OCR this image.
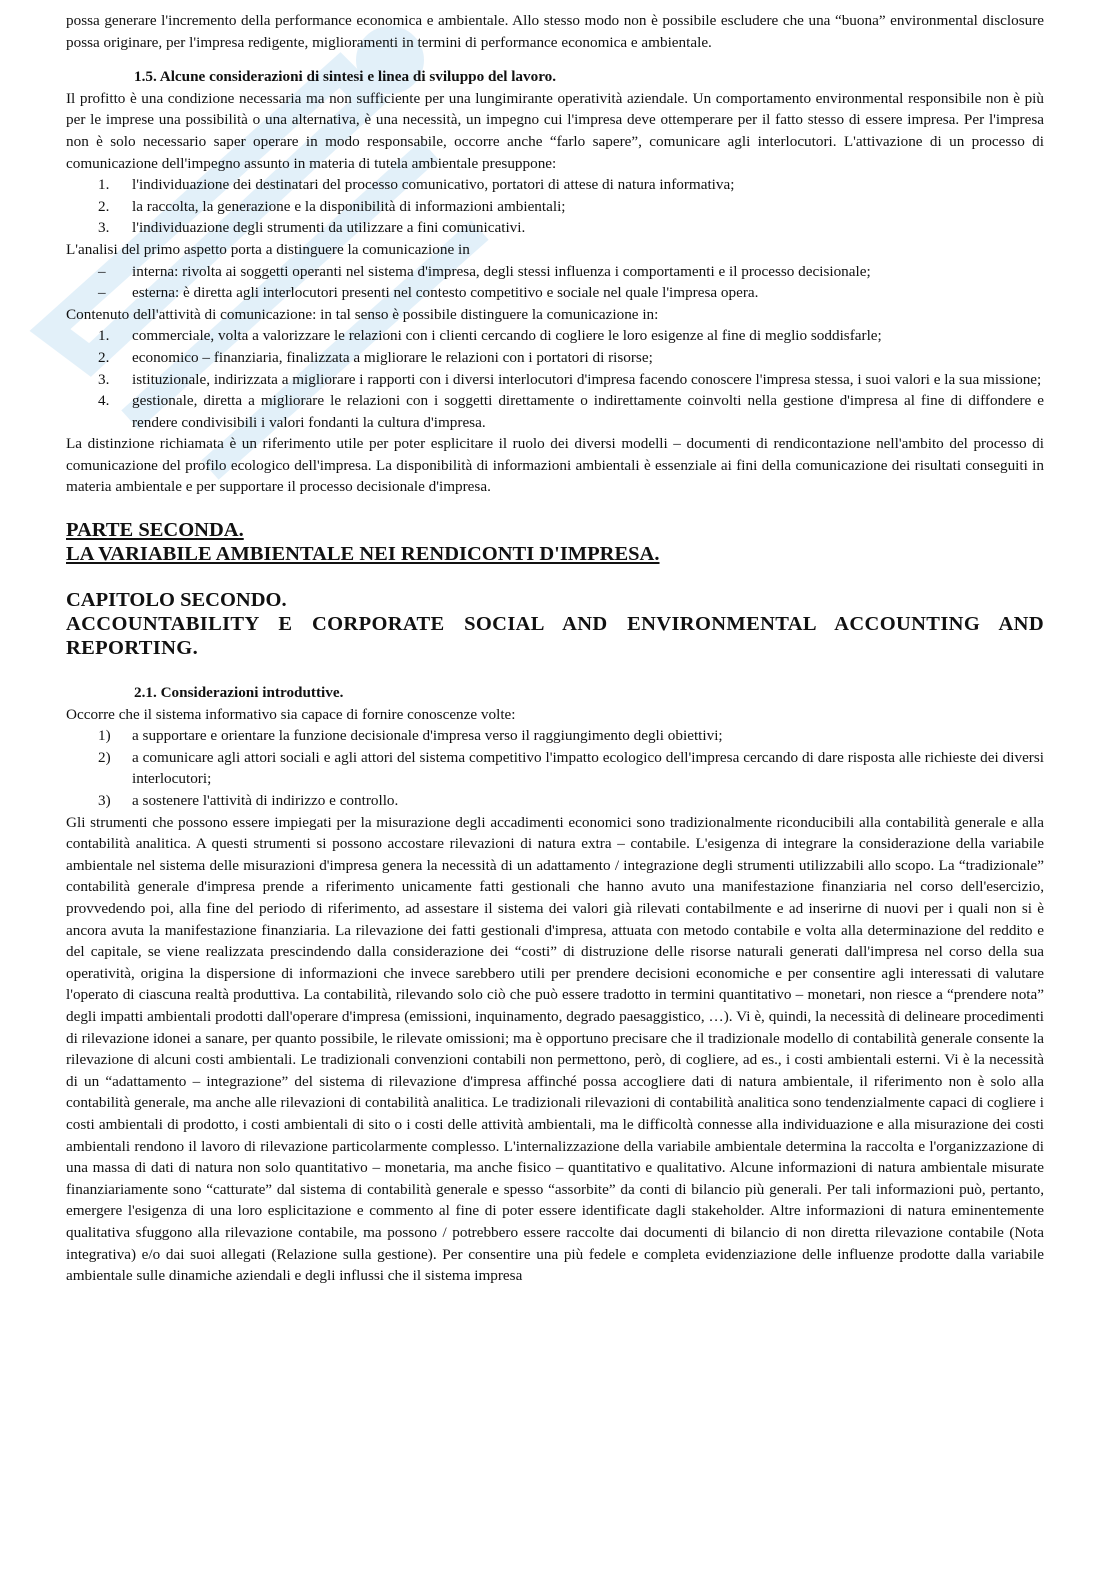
possa generare l'incremento della performance economica e ambientale. Allo stesso modo non è possibile escludere che una “buona” environmental disclosure possa originare, per l'impresa redigente, miglioramenti in termini di performance economica e ambientale.

1.5. Alcune considerazioni di sintesi e linea di sviluppo del lavoro.

Il profitto è una condizione necessaria ma non sufficiente per una lungimirante operatività aziendale. Un comportamento environmental responsibile non è più per le imprese una possibilità o una alternativa, è una necessità, un impegno cui l'impresa deve ottemperare per il fatto stesso di essere impresa. Per l'impresa non è solo necessario saper operare in modo responsabile, occorre anche “farlo sapere”, comunicare agli interlocutori. L'attivazione di un processo di comunicazione dell'impegno assunto in materia di tutela ambientale presuppone:

1.	l'individuazione dei destinatari del processo comunicativo, portatori di attese di natura informativa;
2.	la raccolta, la generazione e la disponibilità di informazioni ambientali;
3.	l'individuazione degli strumenti da utilizzare a fini comunicativi.

L'analisi del primo aspetto porta a distinguere la comunicazione in

–	interna: rivolta ai soggetti operanti nel sistema d'impresa, degli stessi influenza i comportamenti e il processo decisionale;
–	esterna: è diretta agli interlocutori presenti nel contesto competitivo e sociale nel quale l'impresa opera.

Contenuto dell'attività di comunicazione: in tal senso è possibile distinguere la comunicazione in:

1.	commerciale, volta a valorizzare le relazioni con i clienti cercando di cogliere le loro esigenze al fine di meglio soddisfarle;
2.	economico – finanziaria, finalizzata a migliorare le relazioni con i portatori di risorse;
3.	istituzionale, indirizzata a migliorare i rapporti con i diversi interlocutori d'impresa facendo conoscere l'impresa stessa, i suoi valori e la sua missione;
4.	gestionale, diretta a migliorare le relazioni con i soggetti direttamente o indirettamente coinvolti nella gestione d'impresa al fine di diffondere e rendere condivisibili i valori fondanti la cultura d'impresa.

La distinzione richiamata è un riferimento utile per poter esplicitare il ruolo dei diversi modelli – documenti di rendicontazione nell'ambito del processo di comunicazione del profilo ecologico dell'impresa. La disponibilità di informazioni ambientali è essenziale ai fini della comunicazione dei risultati conseguiti in materia ambientale e per supportare il processo decisionale d'impresa.

PARTE SECONDA.
LA VARIABILE AMBIENTALE NEI RENDICONTI D'IMPRESA.
CAPITOLO SECONDO.
ACCOUNTABILITY E CORPORATE SOCIAL AND ENVIRONMENTAL ACCOUNTING AND REPORTING.
2.1. Considerazioni introduttive.

Occorre che il sistema informativo sia capace di fornire conoscenze volte:

1)	a supportare e orientare la funzione decisionale d'impresa verso il raggiungimento degli obiettivi;
2)	a comunicare agli attori sociali e agli attori del sistema competitivo l'impatto ecologico dell'impresa cercando di dare risposta alle richieste dei diversi interlocutori;
3)	a sostenere l'attività di indirizzo e controllo.

Gli strumenti che possono essere impiegati per la misurazione degli accadimenti economici sono tradizionalmente riconducibili alla contabilità generale e alla contabilità analitica. A questi strumenti si possono accostare rilevazioni di natura extra – contabile. L'esigenza di integrare la considerazione della variabile ambientale nel sistema delle misurazioni d'impresa genera la necessità di un adattamento / integrazione degli strumenti utilizzabili allo scopo. La “tradizionale” contabilità generale d'impresa prende a riferimento unicamente fatti gestionali che hanno avuto una manifestazione finanziaria nel corso dell'esercizio, provvedendo poi, alla fine del periodo di riferimento, ad assestare il sistema dei valori già rilevati contabilmente e ad inserirne di nuovi per i quali non si è ancora avuta la manifestazione finanziaria. La rilevazione dei fatti gestionali d'impresa, attuata con metodo contabile e volta alla determinazione del reddito e del capitale, se viene realizzata prescindendo dalla considerazione dei “costi” di distruzione delle risorse naturali generati dall'impresa nel corso della sua operatività, origina la dispersione di informazioni che invece sarebbero utili per prendere decisioni economiche e per consentire agli interessati di valutare l'operato di ciascuna realtà produttiva. La contabilità, rilevando solo ciò che può essere tradotto in termini quantitativo – monetari, non riesce a “prendere nota” degli impatti ambientali prodotti dall'operare d'impresa (emissioni, inquinamento, degrado paesaggistico, …). Vi è, quindi, la necessità di delineare procedimenti di rilevazione idonei a sanare, per quanto possibile, le rilevate omissioni; ma è opportuno precisare che il tradizionale modello di contabilità generale consente la rilevazione di alcuni costi ambientali. Le tradizionali convenzioni contabili non permettono, però, di cogliere, ad es., i costi ambientali esterni. Vi è la necessità di un “adattamento – integrazione” del sistema di rilevazione d'impresa affinché possa accogliere dati di natura ambientale, il riferimento non è solo alla contabilità generale, ma anche alle rilevazioni di contabilità analitica. Le tradizionali rilevazioni di contabilità analitica sono tendenzialmente capaci di cogliere i costi ambientali di prodotto, i costi ambientali di sito o i costi delle attività ambientali, ma le difficoltà connesse alla individuazione e alla misurazione dei costi ambientali rendono il lavoro di rilevazione particolarmente complesso. L'internalizzazione della variabile ambientale determina la raccolta e l'organizzazione di una massa di dati di natura non solo quantitativo – monetaria, ma anche fisico – quantitativo e qualitativo. Alcune informazioni di natura ambientale misurate finanziariamente sono “catturate” dal sistema di contabilità generale e spesso “assorbite” da conti di bilancio più generali. Per tali informazioni può, pertanto, emergere l'esigenza di una loro esplicitazione e commento al fine di poter essere identificate dagli stakeholder. Altre informazioni di natura eminentemente qualitativa sfuggono alla rilevazione contabile, ma possono / potrebbero essere raccolte dai documenti di bilancio di non diretta rilevazione contabile (Nota integrativa) e/o dai suoi allegati (Relazione sulla gestione). Per consentire una più fedele e completa evidenziazione delle influenze prodotte dalla variabile ambientale sulle dinamiche aziendali e degli influssi che il sistema impresa
